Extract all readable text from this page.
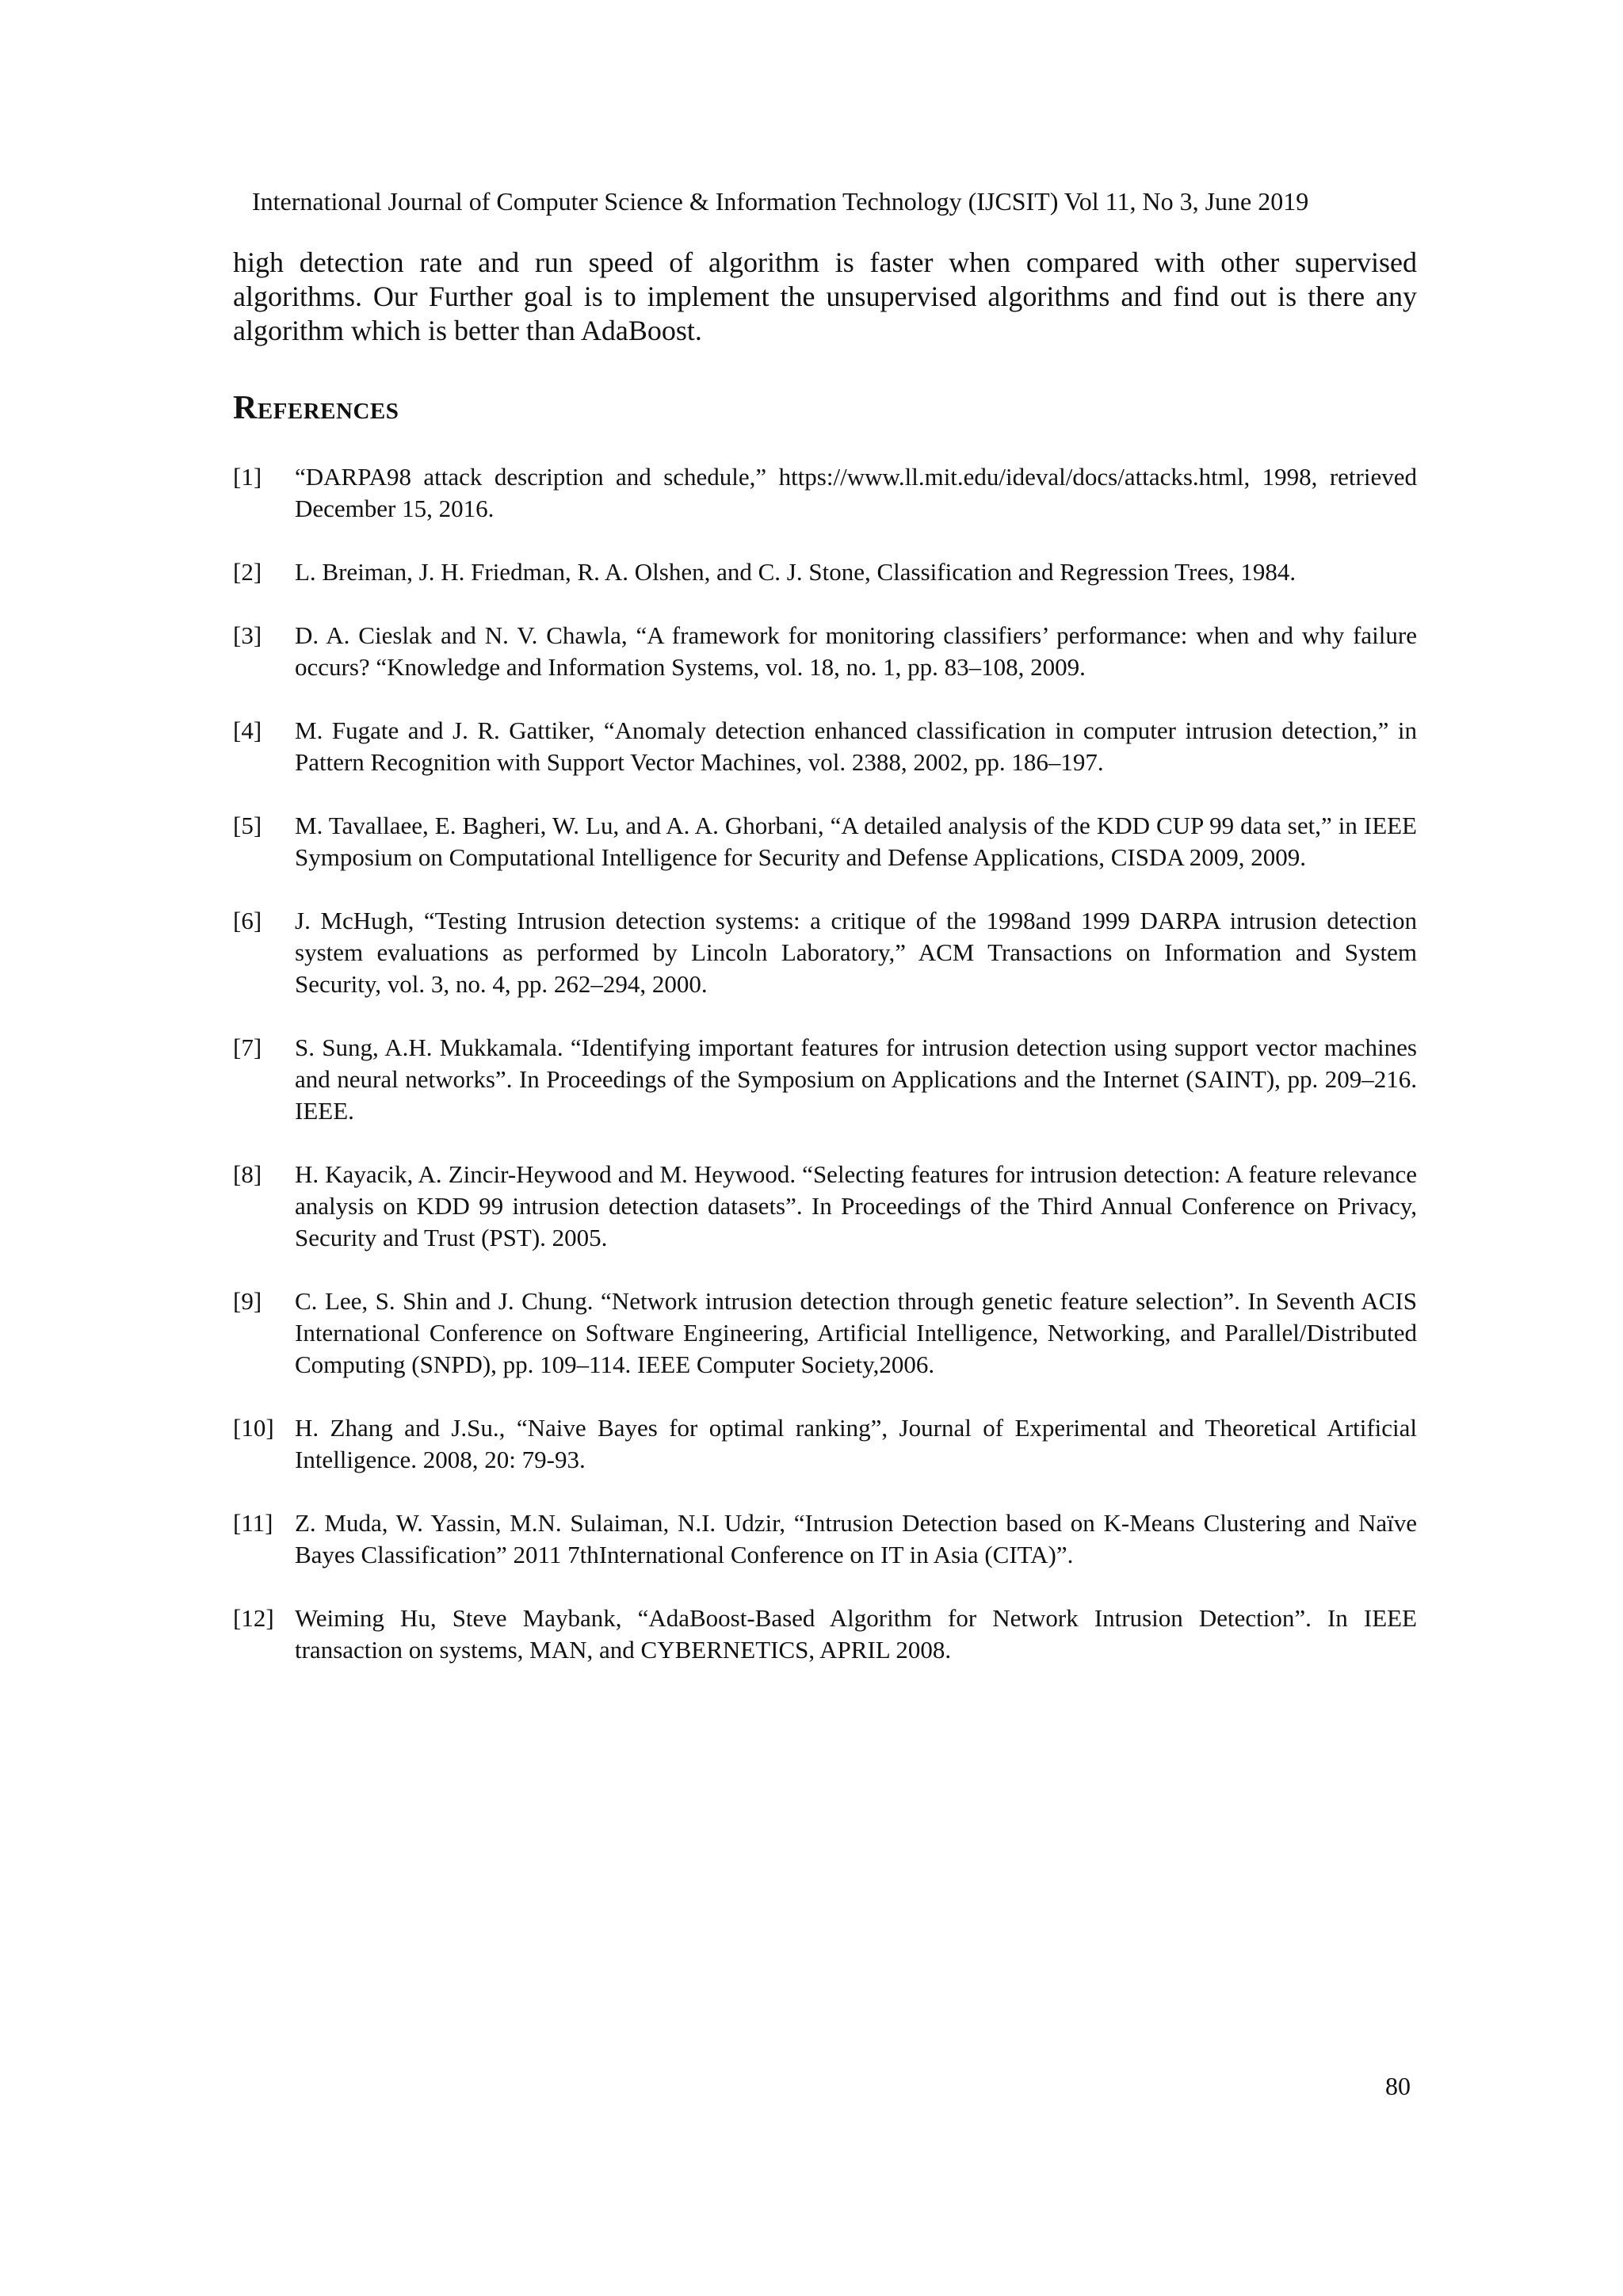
International Journal of Computer Science & Information Technology (IJCSIT) Vol 11, No 3, June 2019

high detection rate and run speed of algorithm is faster when compared with other supervised algorithms. Our Further goal is to implement the unsupervised algorithms and find out is there any algorithm which is better than AdaBoost.

References
[1]	“DARPA98 attack description and schedule,” https://www.ll.mit.edu/ideval/docs/attacks.html, 1998, retrieved December 15, 2016.
[2]	L. Breiman, J. H. Friedman, R. A. Olshen, and C. J. Stone, Classification and Regression Trees, 1984.
[3]	D. A. Cieslak and N. V. Chawla, “A framework for monitoring classifiers’ performance: when and why failure occurs? “Knowledge and Information Systems, vol. 18, no. 1, pp. 83–108, 2009.
[4]	M. Fugate and J. R. Gattiker, “Anomaly detection enhanced classification in computer intrusion detection,” in Pattern Recognition with Support Vector Machines, vol. 2388, 2002, pp. 186–197.
[5]	M. Tavallaee, E. Bagheri, W. Lu, and A. A. Ghorbani, “A detailed analysis of the KDD CUP 99 data set,” in IEEE Symposium on Computational Intelligence for Security and Defense Applications, CISDA 2009, 2009.
[6]	J. McHugh, “Testing Intrusion detection systems: a critique of the 1998and 1999 DARPA intrusion detection system evaluations as performed by Lincoln Laboratory,” ACM Transactions on Information and System Security, vol. 3, no. 4, pp. 262–294, 2000.
[7]	S. Sung, A.H. Mukkamala. “Identifying important features for intrusion detection using support vector machines and neural networks”. In Proceedings of the Symposium on Applications and the Internet (SAINT), pp. 209–216. IEEE.
[8]	H. Kayacik, A. Zincir-Heywood and M. Heywood. “Selecting features for intrusion detection: A feature relevance analysis on KDD 99 intrusion detection datasets”. In Proceedings of the Third Annual Conference on Privacy, Security and Trust (PST). 2005.
[9]	C. Lee, S. Shin and J. Chung. “Network intrusion detection through genetic feature selection”. In Seventh ACIS International Conference on Software Engineering, Artificial Intelligence, Networking, and Parallel/Distributed Computing (SNPD), pp. 109–114. IEEE Computer Society,2006.
[10] H. Zhang and J.Su., “Naive Bayes for optimal ranking”, Journal of Experimental and Theoretical Artificial Intelligence. 2008, 20: 79-93.
[11] Z. Muda, W. Yassin, M.N. Sulaiman, N.I. Udzir, “Intrusion Detection based on K-Means Clustering and Naïve Bayes Classification” 2011 7thInternational Conference on IT in Asia (CITA)”.
[12] Weiming Hu, Steve Maybank, “AdaBoost-Based Algorithm for Network Intrusion Detection”. In IEEE transaction on systems, MAN, and CYBERNETICS, APRIL 2008.
80
